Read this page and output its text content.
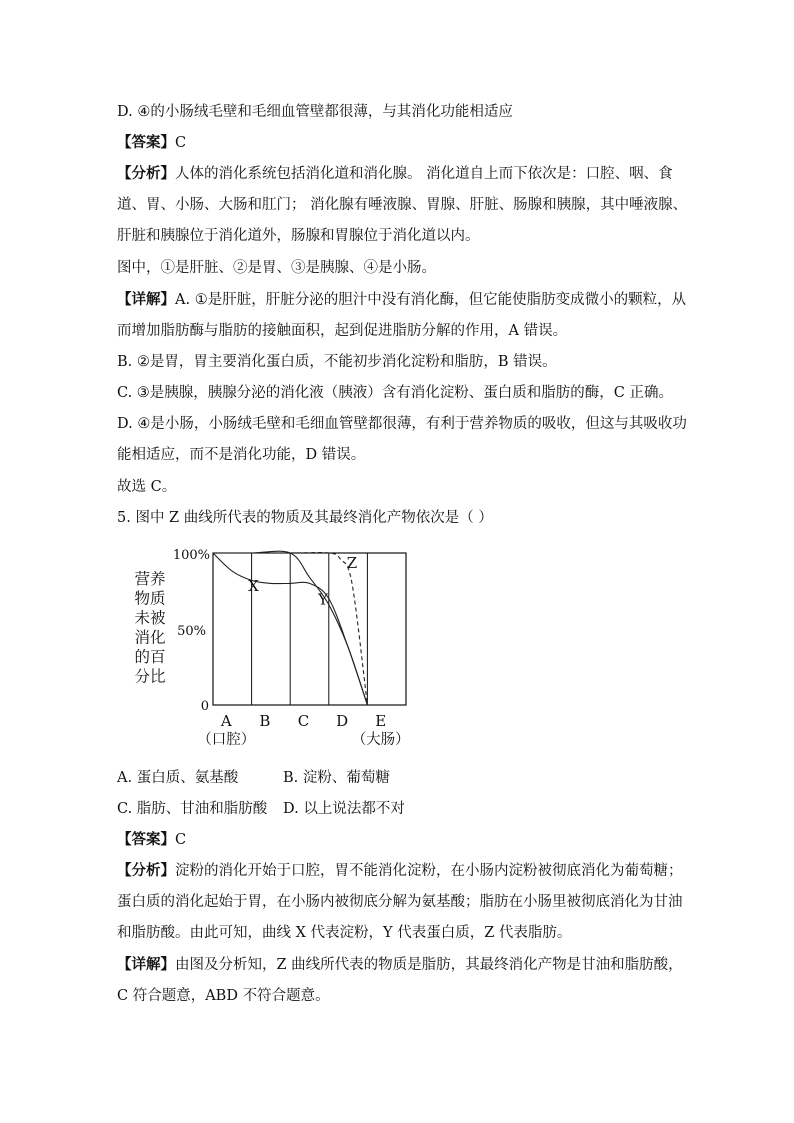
D. ④的小肠绒毛壁和毛细血管壁都很薄，与其消化功能相适应
【答案】C
【分析】人体的消化系统包括消化道和消化腺。 消化道自上而下依次是：口腔、咽、食
道、胃、小肠、大肠和肛门； 消化腺有唾液腺、胃腺、肝脏、肠腺和胰腺，其中唾液腺、
肝脏和胰腺位于消化道外，肠腺和胃腺位于消化道以内。
图中，①是肝脏、②是胃、③是胰腺、④是小肠。
【详解】A. ①是肝脏，肝脏分泌的胆汁中没有消化酶，但它能使脂肪变成微小的颗粒，从
而增加脂肪酶与脂肪的接触面积，起到促进脂肪分解的作用，A 错误。
B. ②是胃，胃主要消化蛋白质，不能初步消化淀粉和脂肪，B 错误。
C. ③是胰腺，胰腺分泌的消化液（胰液）含有消化淀粉、蛋白质和脂肪的酶，C 正确。
D. ④是小肠，小肠绒毛壁和毛细血管壁都很薄，有利于营养物质的吸收，但这与其吸收功
能相适应，而不是消化功能，D 错误。
故选 C。
5. 图中 Z 曲线所代表的物质及其最终消化产物依次是（ ）
营养
物质
未被
消化
的百
分比
100%
50%
0
X
Y
Z
A
（口腔）
B C D E
（大肠）
A. 蛋白质、氨基酸	B. 淀粉、葡萄糖
C. 脂肪、甘油和脂肪酸 D. 以上说法都不对
【答案】C
【分析】淀粉的消化开始于口腔，胃不能消化淀粉，在小肠内淀粉被彻底消化为葡萄糖；
蛋白质的消化起始于胃，在小肠内被彻底分解为氨基酸；脂肪在小肠里被彻底消化为甘油
和脂肪酸。由此可知，曲线 X 代表淀粉，Y 代表蛋白质，Z 代表脂肪。
【详解】由图及分析知，Z 曲线所代表的物质是脂肪，其最终消化产物是甘油和脂肪酸，
C 符合题意，ABD 不符合题意。
